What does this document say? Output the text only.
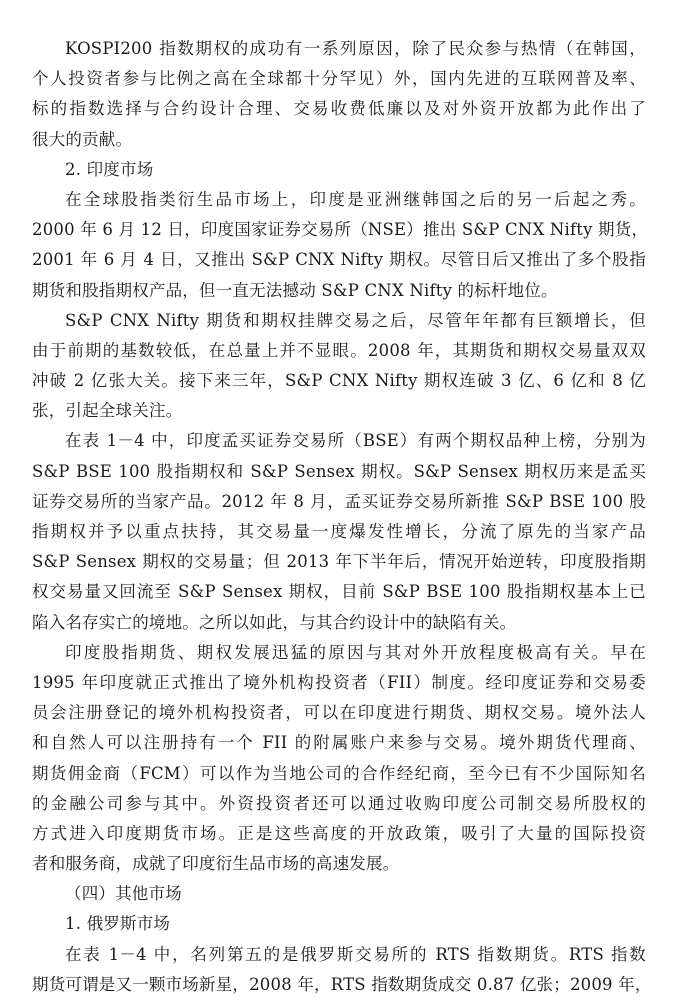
KOSPI200 指数期权的成功有一系列原因，除了民众参与热情（在韩国，
个人投资者参与比例之高在全球都十分罕见）外，国内先进的互联网普及率、
标的指数选择与合约设计合理、交易收费低廉以及对外资开放都为此作出了
很大的贡献。
2. 印度市场
在全球股指类衍生品市场上，印度是亚洲继韩国之后的另一后起之秀。
2000 年 6 月 12 日，印度国家证券交易所（NSE）推出 S&P CNX Nifty 期货，
2001 年 6 月 4 日，又推出 S&P CNX Nifty 期权。尽管日后又推出了多个股指
期货和股指期权产品，但一直无法撼动 S&P CNX Nifty 的标杆地位。
S&P CNX Nifty 期货和期权挂牌交易之后，尽管年年都有巨额增长，但
由于前期的基数较低，在总量上并不显眼。2008 年，其期货和期权交易量双双
冲破 2 亿张大关。接下来三年，S&P CNX Nifty 期权连破 3 亿、6 亿和 8 亿
张，引起全球关注。
在表 1－4 中，印度孟买证券交易所（BSE）有两个期权品种上榜，分别为
S&P BSE 100 股指期权和 S&P Sensex 期权。S&P Sensex 期权历来是孟买
证券交易所的当家产品。2012 年 8 月，孟买证券交易所新推 S&P BSE 100 股
指期权并予以重点扶持，其交易量一度爆发性增长，分流了原先的当家产品
S&P Sensex 期权的交易量；但 2013 年下半年后，情况开始逆转，印度股指期
权交易量又回流至 S&P Sensex 期权，目前 S&P BSE 100 股指期权基本上已
陷入名存实亡的境地。之所以如此，与其合约设计中的缺陷有关。
印度股指期货、期权发展迅猛的原因与其对外开放程度极高有关。早在
1995 年印度就正式推出了境外机构投资者（FII）制度。经印度证券和交易委
员会注册登记的境外机构投资者，可以在印度进行期货、期权交易。境外法人
和自然人可以注册持有一个 FII 的附属账户来参与交易。境外期货代理商、
期货佣金商（FCM）可以作为当地公司的合作经纪商，至今已有不少国际知名
的金融公司参与其中。外资投资者还可以通过收购印度公司制交易所股权的
方式进入印度期货市场。正是这些高度的开放政策，吸引了大量的国际投资
者和服务商，成就了印度衍生品市场的高速发展。
（四）其他市场
1. 俄罗斯市场
在表 1－4 中，名列第五的是俄罗斯交易所的 RTS 指数期货。RTS 指数
期货可谓是又一颗市场新星，2008 年，RTS 指数期货成交 0.87 亿张；2009 年，
